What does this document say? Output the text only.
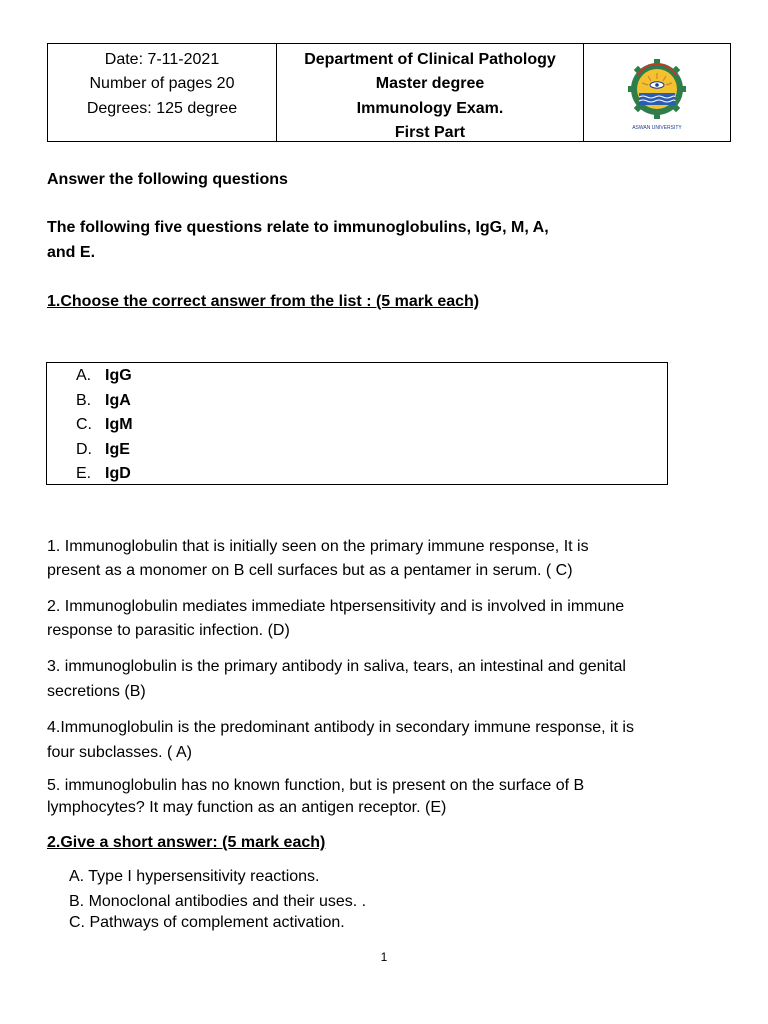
Date: 7-11-2021
Number of pages 20
Degrees: 125 degree
Department of Clinical Pathology
Master degree
Immunology Exam.
First Part	ASWAN UNIVERSITY
Answer the following questions
The following five questions relate to immunoglobulins, IgG, M, A,
and E.
1.Choose the correct answer from the list : (5 mark each)
A. IgG
B. IgA
C. IgM
D. IgE
E. IgD
1. Immunoglobulin that is initially seen on the primary immune response, It is
present as a monomer on B cell surfaces but as a pentamer in serum. ( C)
2. Immunoglobulin mediates immediate htpersensitivity and is involved in immune
response to parasitic infection. (D)
3. immunoglobulin is the primary antibody in saliva, tears, an intestinal and genital
secretions (B)
4.Immunoglobulin is the predominant antibody in secondary immune response, it is
four subclasses. ( A)
5. immunoglobulin has no known function, but is present on the surface of B
lymphocytes? It may function as an antigen receptor. (E)
2.Give a short answer: (5 mark each)
A. Type I hypersensitivity reactions.
B. Monoclonal antibodies and their uses. .
C. Pathways of complement activation.
1
